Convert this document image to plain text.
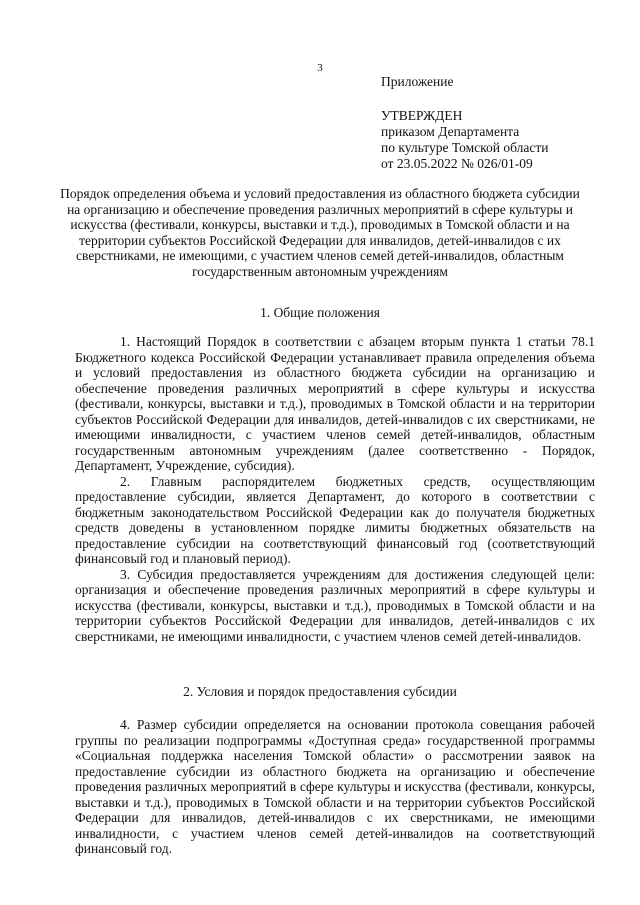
3
Приложение
УТВЕРЖДЕН
приказом Департамента
по культуре Томской области
от 23.05.2022 № 026/01-09
Порядок определения объема и условий предоставления из областного бюджета субсидии на организацию и обеспечение проведения различных мероприятий в сфере культуры и искусства (фестивали, конкурсы, выставки и т.д.), проводимых в Томской области и на территории субъектов Российской Федерации для инвалидов, детей-инвалидов с их сверстниками, не имеющими, с участием членов семей детей-инвалидов, областным государственным автономным учреждениям
1. Общие положения

1. Настоящий Порядок в соответствии с абзацем вторым пункта 1 статьи 78.1 Бюджетного кодекса Российской Федерации устанавливает правила определения объема и условий предоставления из областного бюджета субсидии на организацию и обеспечение проведения различных мероприятий в сфере культуры и искусства (фестивали, конкурсы, выставки и т.д.), проводимых в Томской области и на территории субъектов Российской Федерации для инвалидов, детей-инвалидов с их сверстниками, не имеющими инвалидности, с участием членов семей детей-инвалидов, областным государственным автономным учреждениям (далее соответственно - Порядок, Департамент, Учреждение, субсидия).

2. Главным распорядителем бюджетных средств, осуществляющим предоставление субсидии, является Департамент, до которого в соответствии с бюджетным законодательством Российской Федерации как до получателя бюджетных средств доведены в установленном порядке лимиты бюджетных обязательств на предоставление субсидии на соответствующий финансовый год (соответствующий финансовый год и плановый период).

3. Субсидия предоставляется учреждениям для достижения следующей цели: организация и обеспечение проведения различных мероприятий в сфере культуры и искусства (фестивали, конкурсы, выставки и т.д.), проводимых в Томской области и на территории субъектов Российской Федерации для инвалидов, детей-инвалидов с их сверстниками, не имеющими инвалидности, с участием членов семей детей-инвалидов.

2. Условия и порядок предоставления субсидии

4. Размер субсидии определяется на основании протокола совещания рабочей группы по реализации подпрограммы «Доступная среда» государственной программы «Социальная поддержка населения Томской области» о рассмотрении заявок на предоставление субсидии из областного бюджета на организацию и обеспечение проведения различных мероприятий в сфере культуры и искусства (фестивали, конкурсы, выставки и т.д.), проводимых в Томской области и на территории субъектов Российской Федерации для инвалидов, детей-инвалидов с их сверстниками, не имеющими инвалидности, с участием членов семей детей-инвалидов на соответствующий финансовый год.
